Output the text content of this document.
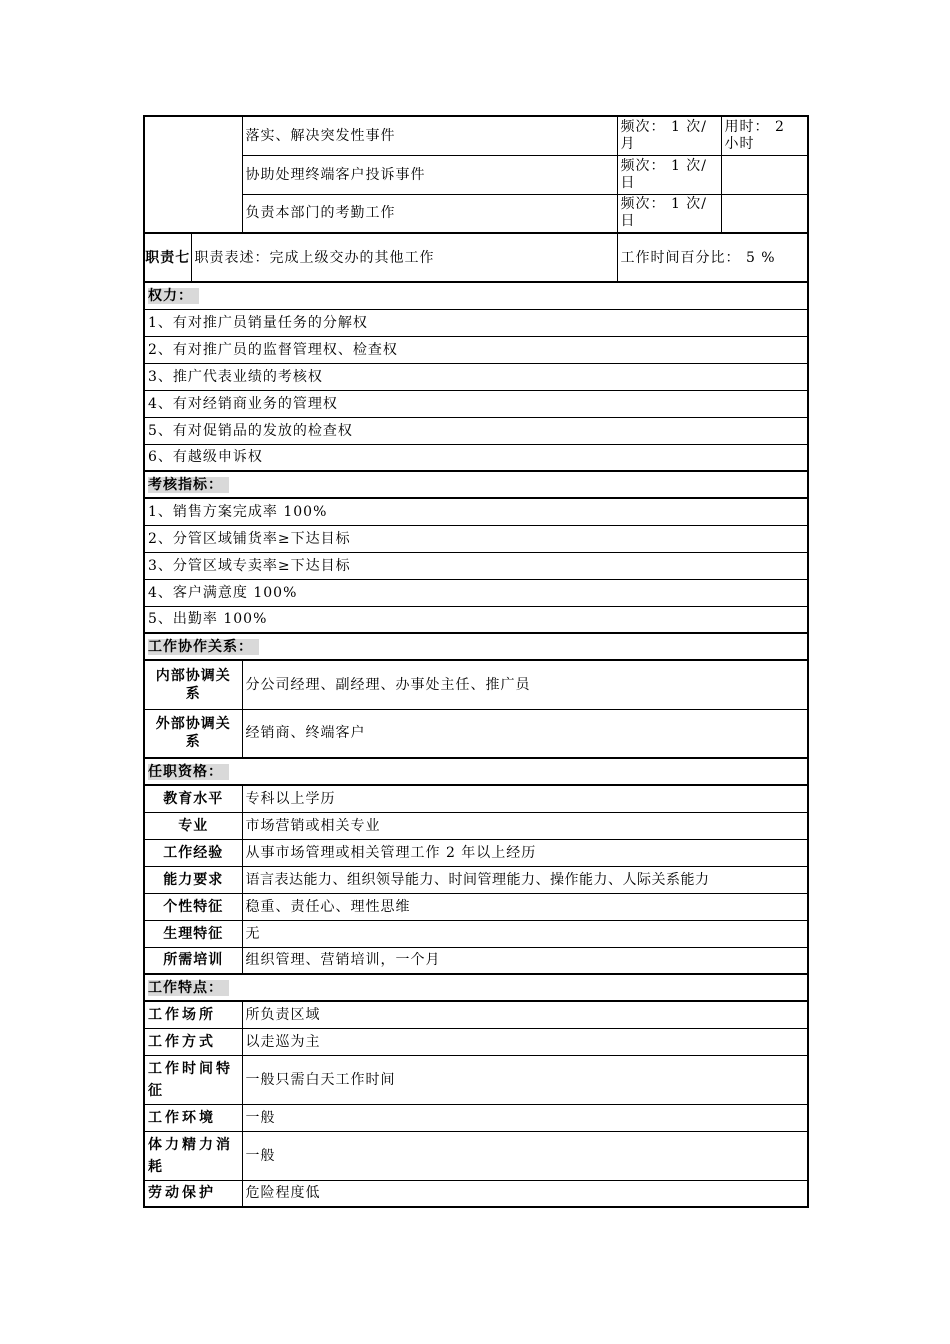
		落实、解决突发性事件	频次： 1 次/月	用时： 2 小时
		协助处理终端客户投诉事件	频次： 1 次/日	
		负责本部门的考勤工作	频次： 1 次/日	
职责七	职责表述：完成上级交办的其他工作		工作时间百分比： 5 %	
权力：				
1、有对推广员销量任务的分解权				
2、有对推广员的监督管理权、检查权				
3、推广代表业绩的考核权				
4、有对经销商业务的管理权				
5、有对促销品的发放的检查权				
6、有越级申诉权				
考核指标：				
1、销售方案完成率 100%				
2、分管区域铺货率≥下达目标				
3、分管区域专卖率≥下达目标				
4、客户满意度 100%				
5、出勤率 100%				
工作协作关系：				
内部协调关系		分公司经理、副经理、办事处主任、推广员		
外部协调关系		经销商、终端客户		
任职资格：				
教育水平		专科以上学历		
专业		市场营销或相关专业		
工作经验		从事市场管理或相关管理工作 2 年以上经历		
能力要求		语言表达能力、组织领导能力、时间管理能力、操作能力、人际关系能力		
个性特征		稳重、责任心、理性思维		
生理特征		无		
所需培训		组织管理、营销培训，一个月		
工作特点：				
工作场所		所负责区域		
工作方式		以走巡为主		
工作时间特征		一般只需白天工作时间		
工作环境		一般		
体力精力消耗		一般		
劳动保护		危险程度低		
